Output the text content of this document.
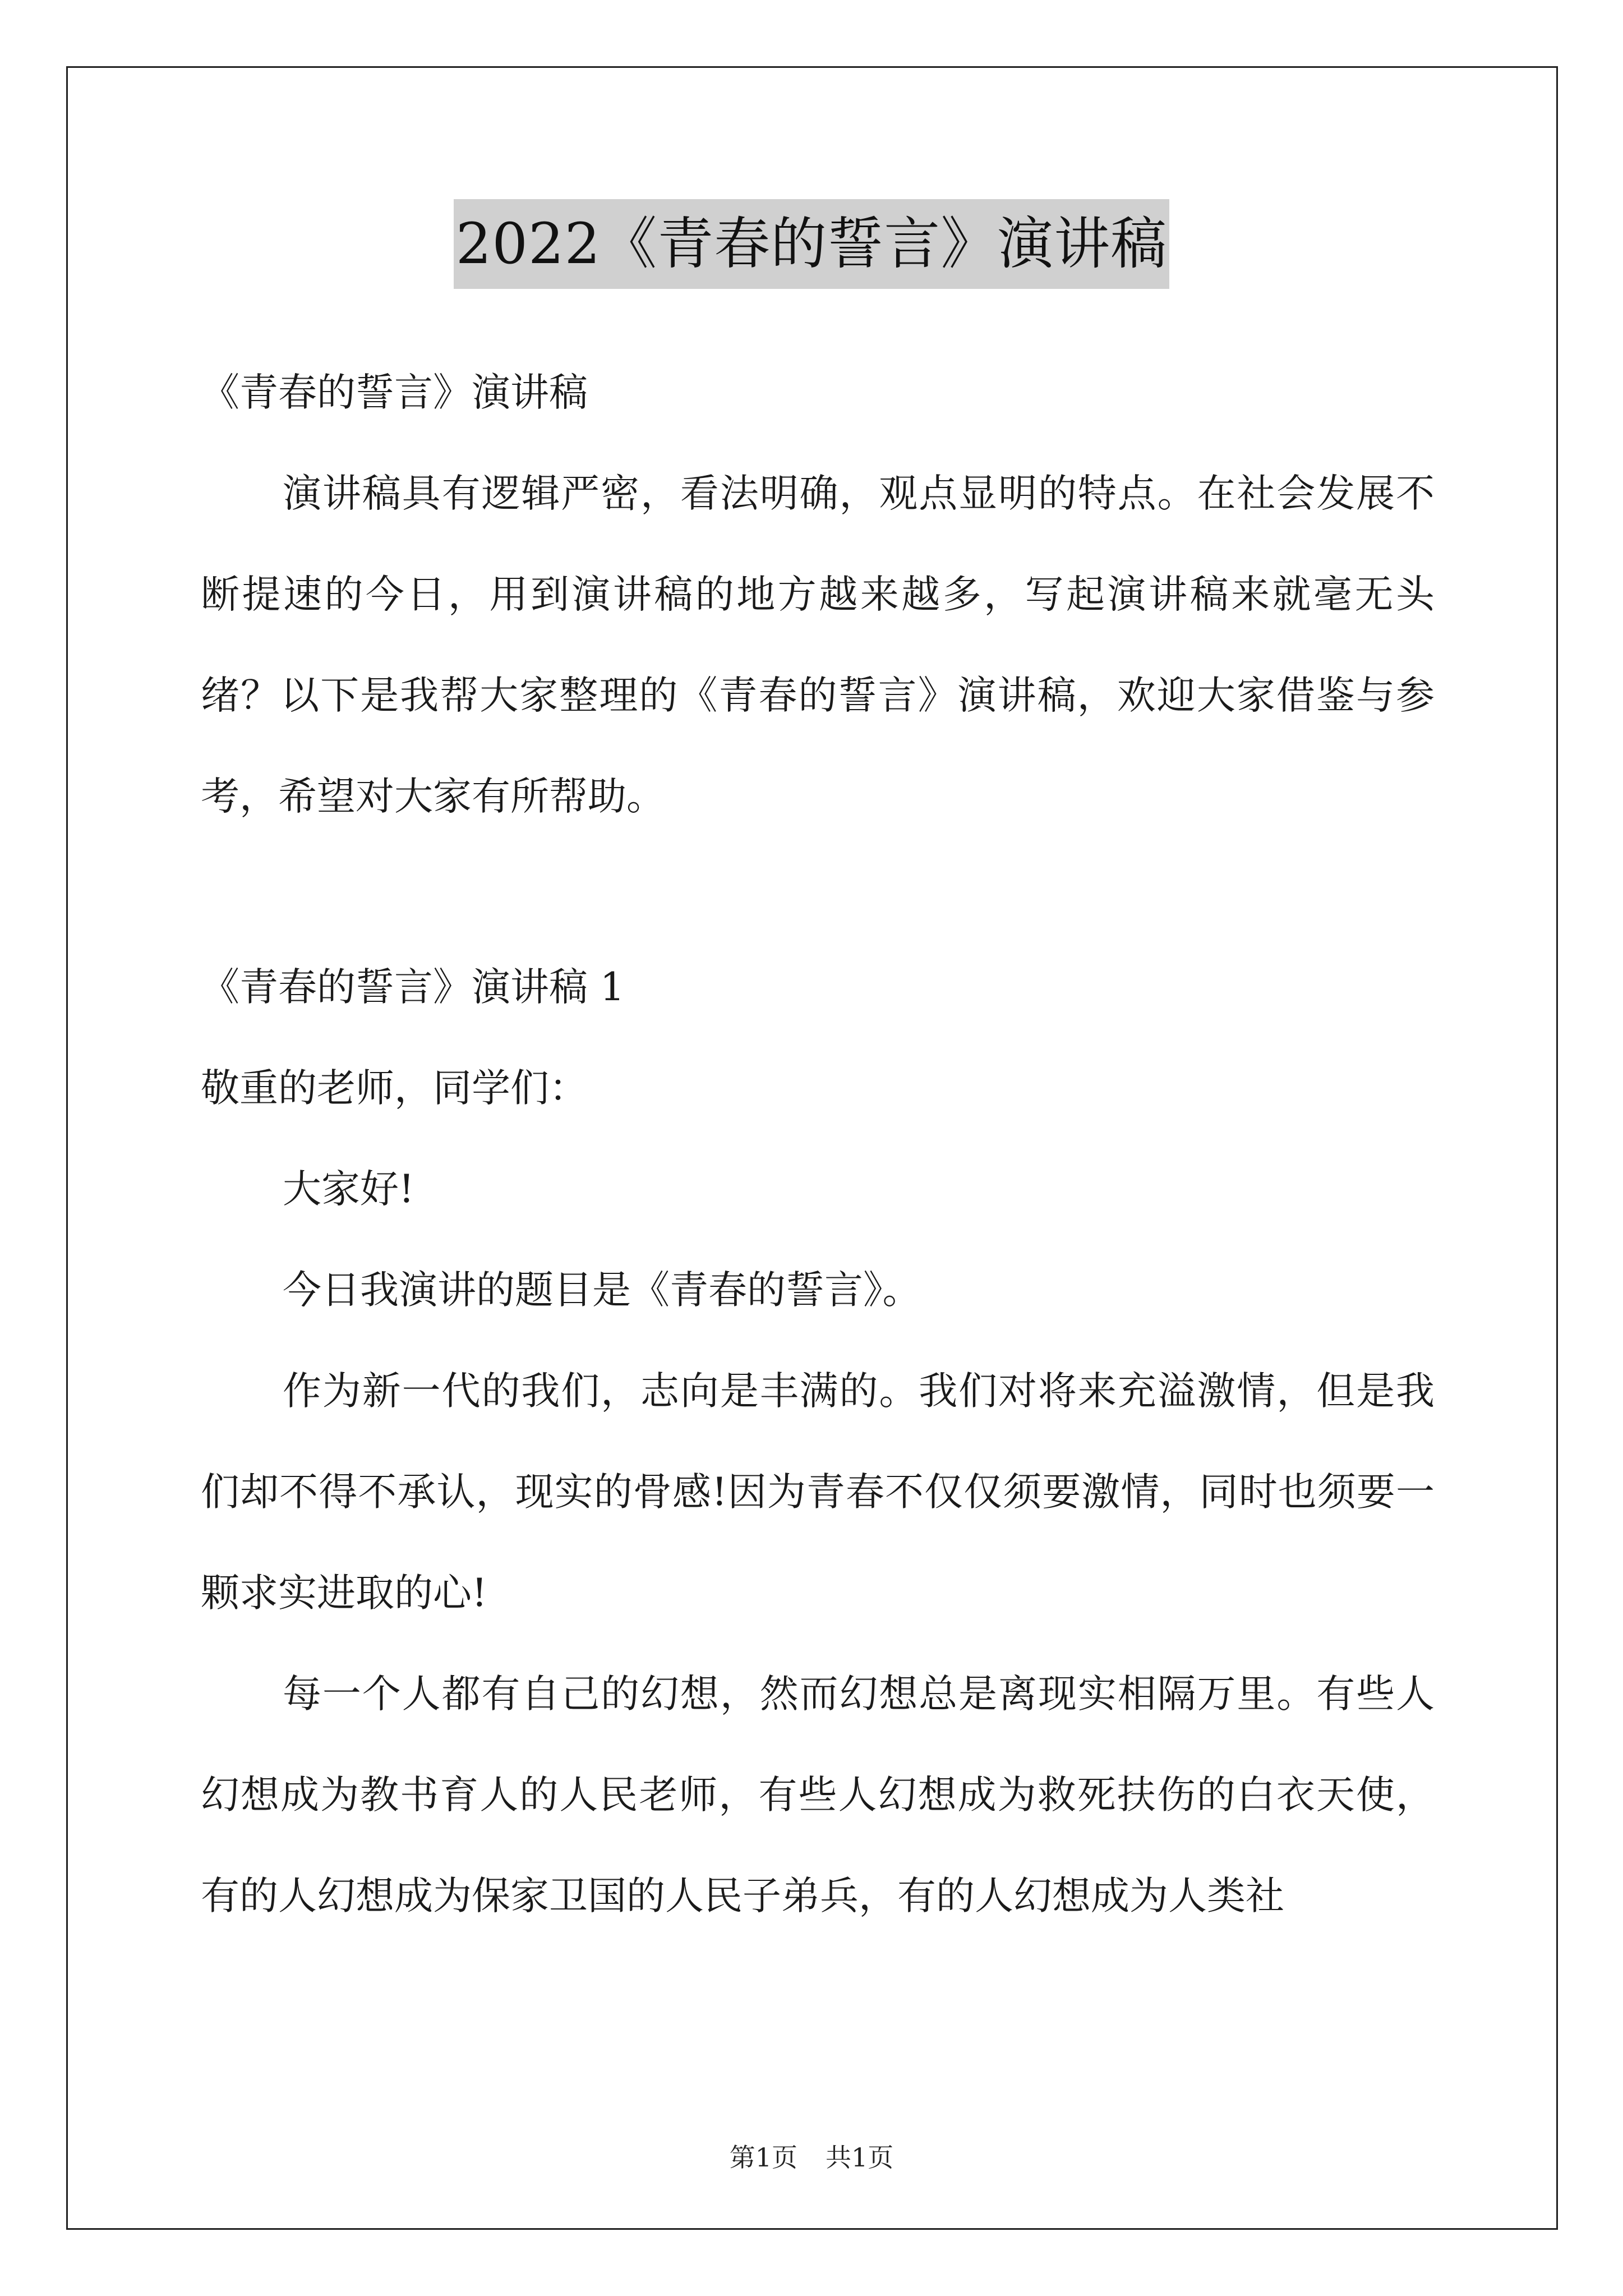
2022《青春的誓言》演讲稿

《青春的誓言》演讲稿

演讲稿具有逻辑严密，看法明确，观点显明的特点。在社会发展不断提速的今日，用到演讲稿的地方越来越多，写起演讲稿来就毫无头绪？以下是我帮大家整理的《青春的誓言》演讲稿，欢迎大家借鉴与参考，希望对大家有所帮助。

《青春的誓言》演讲稿 1

敬重的老师，同学们：

大家好!

今日我演讲的题目是《青春的誓言》。

作为新一代的我们，志向是丰满的。我们对将来充溢激情，但是我们却不得不承认，现实的骨感!因为青春不仅仅须要激情，同时也须要一颗求实进取的心!

每一个人都有自己的幻想，然而幻想总是离现实相隔万里。有些人幻想成为教书育人的人民老师，有些人幻想成为救死扶伤的白衣天使，有的人幻想成为保家卫国的人民子弟兵，有的人幻想成为人类社

第1页 共1页
